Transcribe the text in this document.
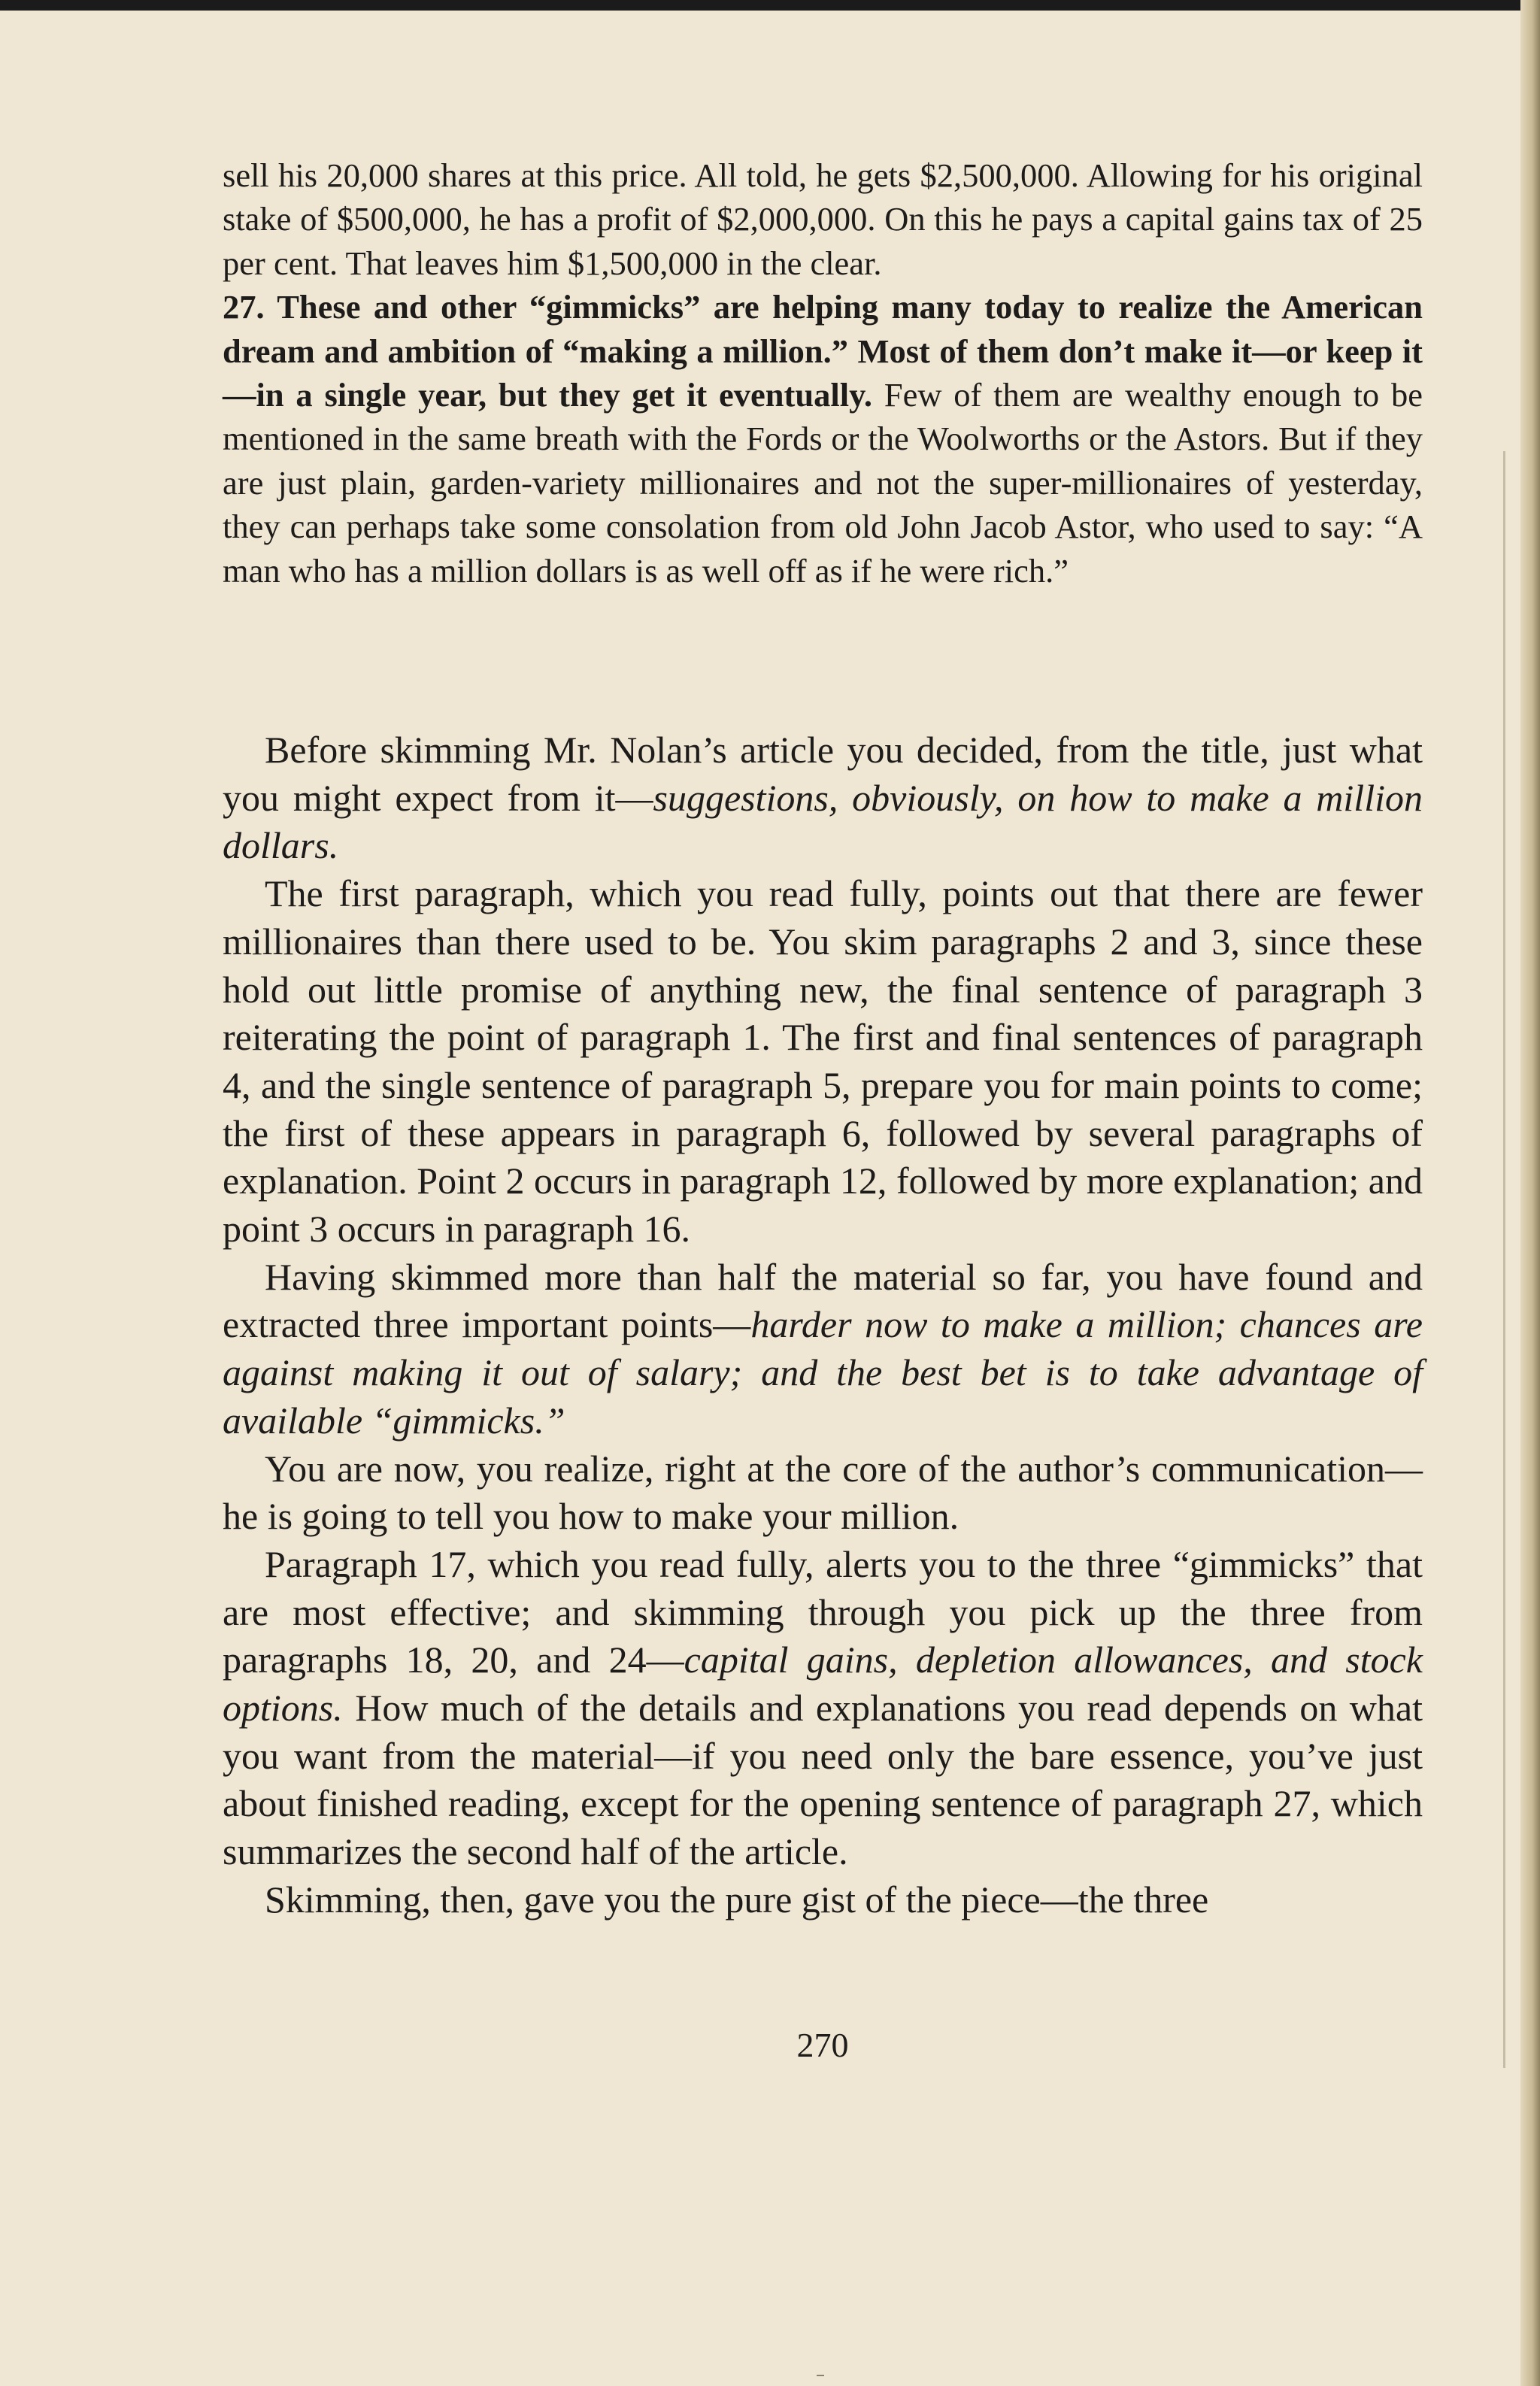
sell his 20,000 shares at this price. All told, he gets $2,500,000. Allowing for his original stake of $500,000, he has a profit of $2,000,000. On this he pays a capital gains tax of 25 per cent. That leaves him $1,500,000 in the clear.

27. These and other “gimmicks” are helping many today to realize the American dream and ambition of “making a million.” Most of them don’t make it—or keep it—in a single year, but they get it eventually. Few of them are wealthy enough to be mentioned in the same breath with the Fords or the Woolworths or the Astors. But if they are just plain, garden-variety millionaires and not the super-millionaires of yesterday, they can perhaps take some consolation from old John Jacob Astor, who used to say: “A man who has a million dollars is as well off as if he were rich.”

Before skimming Mr. Nolan’s article you decided, from the title, just what you might expect from it—suggestions, obviously, on how to make a million dollars.

The first paragraph, which you read fully, points out that there are fewer millionaires than there used to be. You skim paragraphs 2 and 3, since these hold out little promise of anything new, the final sentence of paragraph 3 reiterating the point of paragraph 1. The first and final sentences of paragraph 4, and the single sentence of paragraph 5, prepare you for main points to come; the first of these appears in paragraph 6, followed by several paragraphs of explanation. Point 2 occurs in paragraph 12, followed by more explanation; and point 3 occurs in paragraph 16.

Having skimmed more than half the material so far, you have found and extracted three important points—harder now to make a million; chances are against making it out of salary; and the best bet is to take advantage of available “gimmicks.”

You are now, you realize, right at the core of the author’s communication—he is going to tell you how to make your million.

Paragraph 17, which you read fully, alerts you to the three “gimmicks” that are most effective; and skimming through you pick up the three from paragraphs 18, 20, and 24—capital gains, depletion allowances, and stock options. How much of the details and explanations you read depends on what you want from the material—if you need only the bare essence, you’ve just about finished reading, except for the opening sentence of paragraph 27, which summarizes the second half of the article.

Skimming, then, gave you the pure gist of the piece—the three

270
